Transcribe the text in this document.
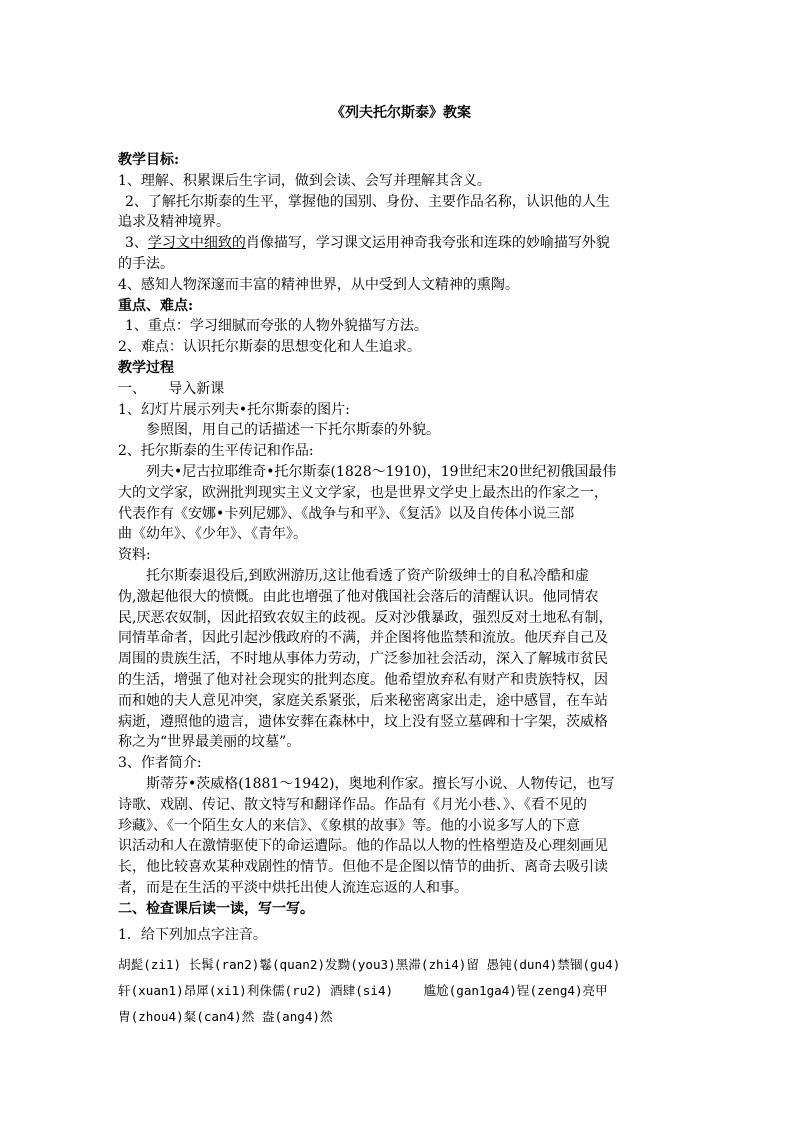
《列夫托尔斯泰》教案
教学目标:
1、理解、积累课后生字词，做到会读、会写并理解其含义。
2、了解托尔斯泰的生平，掌握他的国别、身份、主要作品名称，认识他的人生
追求及精神境界。
3、学习文中细致的肖像描写，学习课文运用神奇我夸张和连珠的妙喻描写外貌
的手法。
4、感知人物深邃而丰富的精神世界，从中受到人文精神的熏陶。
重点、难点:
1、重点：学习细腻而夸张的人物外貌描写方法。
2、难点：认识托尔斯泰的思想变化和人生追求。
教学过程
一、     导入新课
1、幻灯片展示列夫•托尔斯泰的图片:
参照图，用自己的话描述一下托尔斯泰的外貌。
2、托尔斯泰的生平传记和作品:
列夫•尼古拉耶维奇•托尔斯泰(1828～1910)，19世纪末20世纪初俄国最伟
大的文学家，欧洲批判现实主义文学家，也是世界文学史上最杰出的作家之一，
代表作有《安娜•卡列尼娜》、《战争与和平》、《复活》以及自传体小说三部
曲《幼年》、《少年》、《青年》。
资料:
托尔斯泰退役后,到欧洲游历,这让他看透了资产阶级绅士的自私冷酷和虚
伪,激起他很大的愤慨。由此也增强了他对俄国社会落后的清醒认识。他同情农
民,厌恶农奴制，因此招致农奴主的歧视。反对沙俄暴政，强烈反对土地私有制，
同情革命者，因此引起沙俄政府的不满，并企图将他监禁和流放。他厌弃自己及
周围的贵族生活，不时地从事体力劳动，广泛参加社会活动，深入了解城市贫民
的生活，增强了他对社会现实的批判态度。他希望放弃私有财产和贵族特权，因
而和她的夫人意见冲突，家庭关系紧张，后来秘密离家出走，途中感冒，在车站
病逝，遵照他的遗言，遗体安葬在森林中，坟上没有竖立墓碑和十字架，茨威格
称之为“世界最美丽的坟墓”。
3、作者简介:
斯蒂芬•茨威格(1881～1942)，奥地利作家。擅长写小说、人物传记，也写
诗歌、戏剧、传记、散文特写和翻译作品。作品有《月光小巷、》、《看不见的
珍藏》、《一个陌生女人的来信》、《象棋的故事》等。他的小说多写人的下意
识活动和人在激情驱使下的命运遭际。他的作品以人物的性格塑造及心理刻画见
长，他比较喜欢某种戏剧性的情节。但他不是企图以情节的曲折、离奇去吸引读
者，而是在生活的平淡中烘托出使人流连忘返的人和事。
二、检查课后读一读，写一写。
1．给下列加点字注音。
胡髭(zi1) 长髯(ran2)鬈(quan2)发黝(you3)黑滞(zhi4)留 愚钝(dun4)禁锢(gu4)
轩(xuan1)昂犀(xi1)利侏儒(ru2) 酒肆(si4)    尴尬(gan1ga4)锃(zeng4)亮甲
胄(zhou4)粲(can4)然 盎(ang4)然
